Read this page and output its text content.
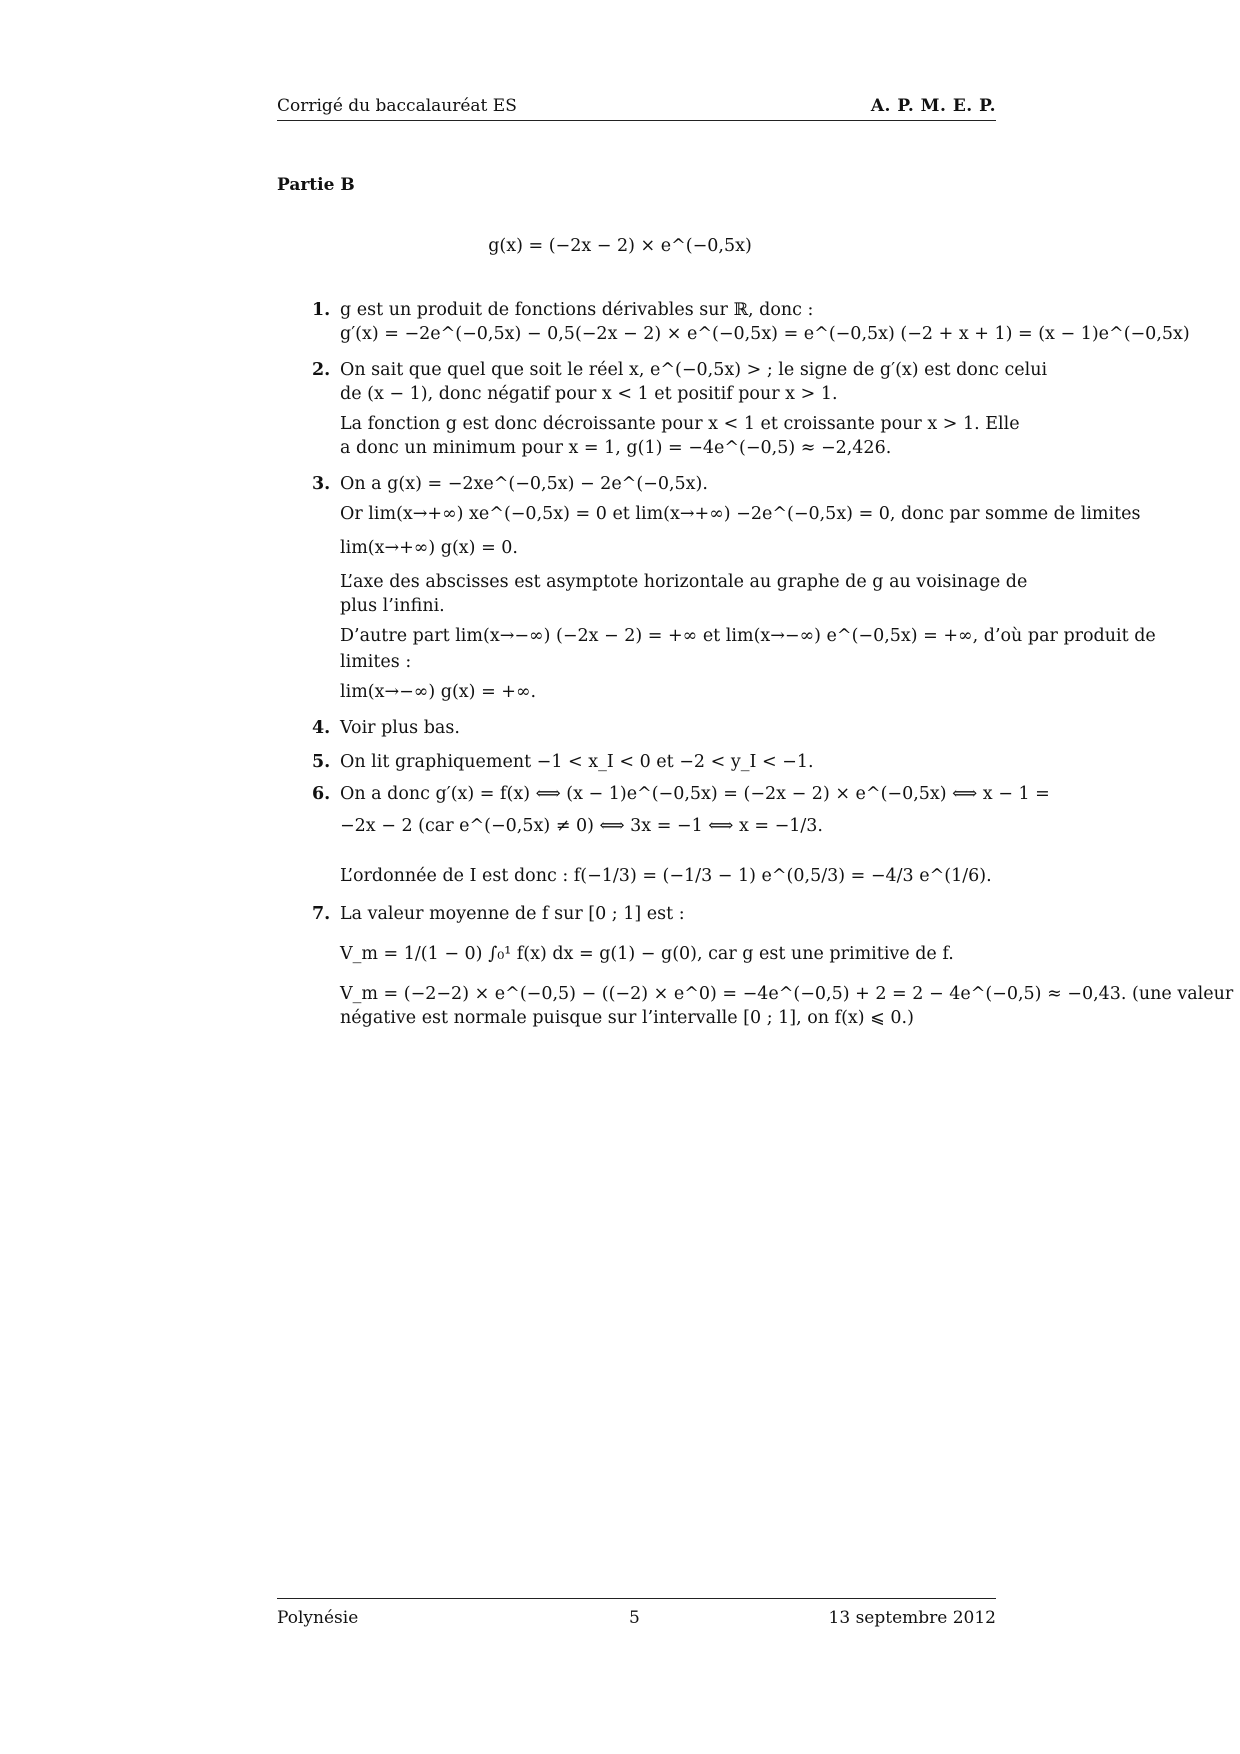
Corrigé du baccalauréat ES	A. P. M. E. P.
Partie B
g(x) = (−2x − 2) × e^(−0,5x)
1. g est un produit de fonctions dérivables sur ℝ, donc :
g′(x) = −2e^(−0,5x) − 0,5(−2x − 2) × e^(−0,5x) = e^(−0,5x) (−2 + x + 1) = (x − 1)e^(−0,5x)
2. On sait que quel que soit le réel x, e^(−0,5x) > ; le signe de g′(x) est donc celui
de (x − 1), donc négatif pour x < 1 et positif pour x > 1.
La fonction g est donc décroissante pour x < 1 et croissante pour x > 1. Elle
a donc un minimum pour x = 1, g(1) = −4e^(−0,5) ≈ −2,426.
3. On a g(x) = −2xe^(−0,5x) − 2e^(−0,5x).
Or lim(x→+∞) xe^(−0,5x) = 0 et lim(x→+∞) −2e^(−0,5x) = 0, donc par somme de limites
lim(x→+∞) g(x) = 0.
L’axe des abscisses est asymptote horizontale au graphe de g au voisinage de
plus l’infini.
D’autre part lim(x→−∞) (−2x − 2) = +∞ et lim(x→−∞) e^(−0,5x) = +∞, d’où par produit de
limites :
lim(x→−∞) g(x) = +∞.
4. Voir plus bas.
5. On lit graphiquement −1 < x_I < 0 et −2 < y_I < −1.
6. On a donc g′(x) = f(x) ⟺ (x − 1)e^(−0,5x) = (−2x − 2) × e^(−0,5x) ⟺ x − 1 =
−2x − 2 (car e^(−0,5x) ≠ 0) ⟺ 3x = −1 ⟺ x = −1/3.
L’ordonnée de I est donc : f(−1/3) = (−1/3 − 1) e^(0,5/3) = −4/3 e^(1/6).
7. La valeur moyenne de f sur [0 ; 1] est :
V_m = 1/(1 − 0) ∫₀¹ f(x) dx = g(1) − g(0), car g est une primitive de f.
V_m = (−2−2) × e^(−0,5) − ((−2) × e^0) = −4e^(−0,5) + 2 = 2 − 4e^(−0,5) ≈ −0,43. (une valeur
négative est normale puisque sur l’intervalle [0 ; 1], on f(x) ⩽ 0.)
Polynésie	5	13 septembre 2012
